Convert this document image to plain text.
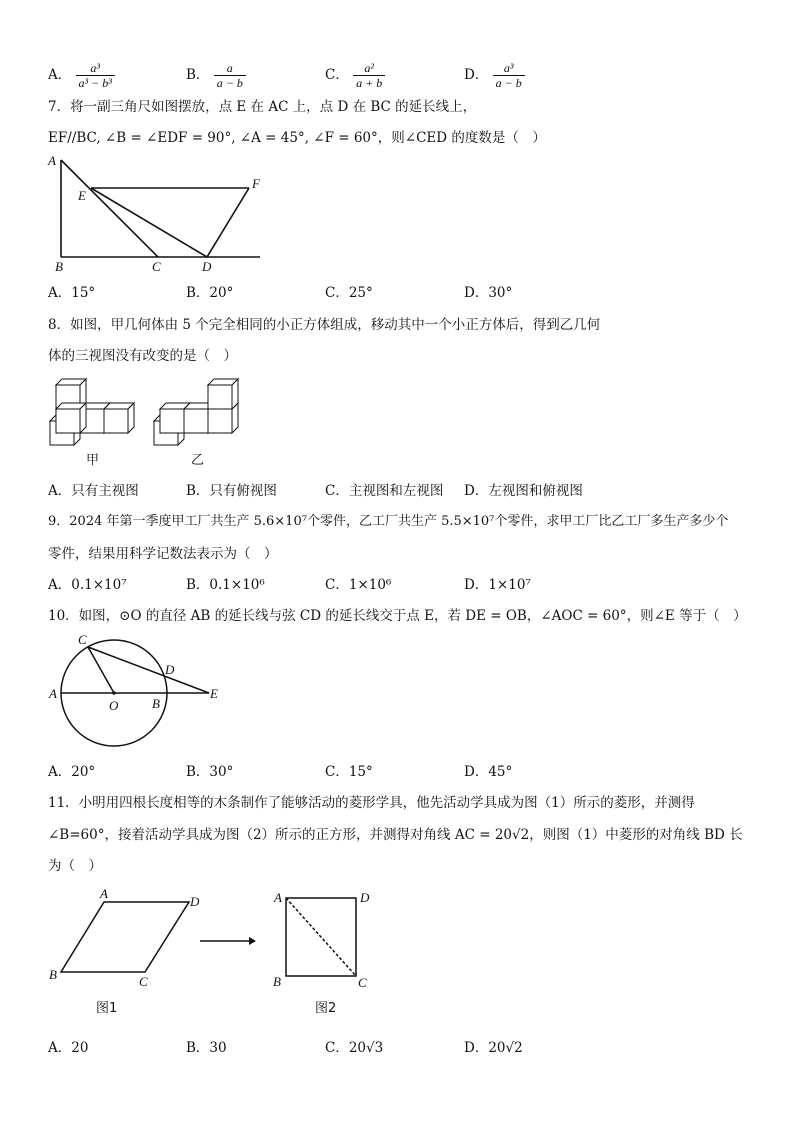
A． $\frac{\text{a³}}{\text{a³ − b³}}$	B． $\frac{a}{a - b}$	C． $\frac{\text{a²}}{a + b}$	D． $\frac{\text{a³}}{a - b}$
7．将一副三角尺如图摆放，点 E 在 AC 上，点 D 在 BC 的延长线上，
EF//BC, ∠B = ∠EDF = 90°, ∠A = 45°, ∠F = 60°，则∠CED 的度数是（　）
A
E
F
B	C	D
A．15°	B．20°	C．25°	D．30°
8．如图，甲几何体由 5 个完全相同的小正方体组成，移动其中一个小正方体后，得到乙几何
体的三视图没有改变的是（　）
甲	乙
A．只有主视图	B．只有俯视图	C．主视图和左视图 D．左视图和俯视图
9．2024 年第一季度甲工厂共生产 5.6×10⁷个零件，乙工厂共生产 5.5×10⁷个零件，求甲工厂比乙工厂多生产多少个
零件，结果用科学记数法表示为（　）
A．0.1×10⁷	B．0.1×10⁶	C．1×10⁶	D．1×10⁷
10．如图，⊙O 的直径 AB 的延长线与弦 CD 的延长线交于点 E，若 DE = OB，∠AOC = 60°，则∠E 等于（　）
C
D
A
O	B
E
A．20°	B．30°	C．15°	D．45°
11．小明用四根长度相等的木条制作了能够活动的菱形学具，他先活动学具成为图（1）所示的菱形，并测得
∠B=60°，接着活动学具成为图（2）所示的正方形，并测得对角线 AC = 20√2，则图（1）中菱形的对角线 BD 长
为（　）
A
D
B	C
A	D
B	C
图1	图2
A．20	B．30	C．20√3	D．20√2
